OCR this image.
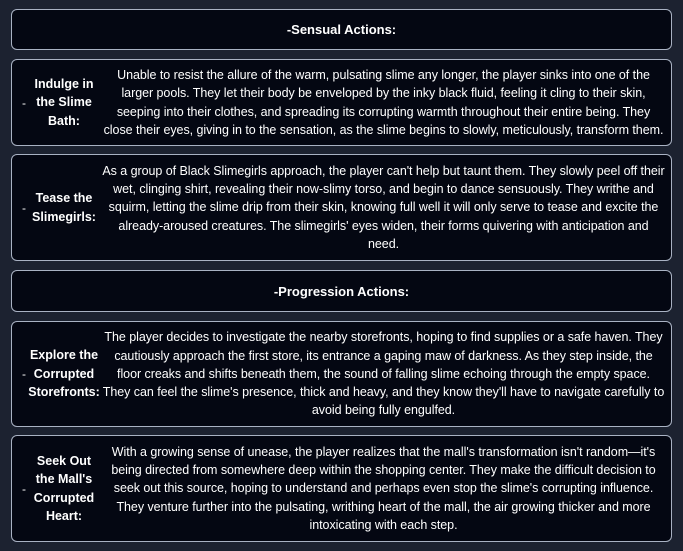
-Sensual Actions:
-
Indulge in the Slime Bath:
Unable to resist the allure of the warm, pulsating slime any longer, the player sinks into one of the larger pools. They let their body be enveloped by the inky black fluid, feeling it cling to their skin, seeping into their clothes, and spreading its corrupting warmth throughout their entire being. They close their eyes, giving in to the sensation, as the slime begins to slowly, meticulously, transform them.
-
Tease the Slimegirls:
As a group of Black Slimegirls approach, the player can't help but taunt them. They slowly peel off their wet, clinging shirt, revealing their now-slimy torso, and begin to dance sensuously. They writhe and squirm, letting the slime drip from their skin, knowing full well it will only serve to tease and excite the already-aroused creatures. The slimegirls' eyes widen, their forms quivering with anticipation and need.
-Progression Actions:
-
Explore the Corrupted Storefronts:
The player decides to investigate the nearby storefronts, hoping to find supplies or a safe haven. They cautiously approach the first store, its entrance a gaping maw of darkness. As they step inside, the floor creaks and shifts beneath them, the sound of falling slime echoing through the empty space. They can feel the slime's presence, thick and heavy, and they know they'll have to navigate carefully to avoid being fully engulfed.
-
Seek Out the Mall's Corrupted Heart:
With a growing sense of unease, the player realizes that the mall's transformation isn't random—it's being directed from somewhere deep within the shopping center. They make the difficult decision to seek out this source, hoping to understand and perhaps even stop the slime's corrupting influence. They venture further into the pulsating, writhing heart of the mall, the air growing thicker and more intoxicating with each step.
